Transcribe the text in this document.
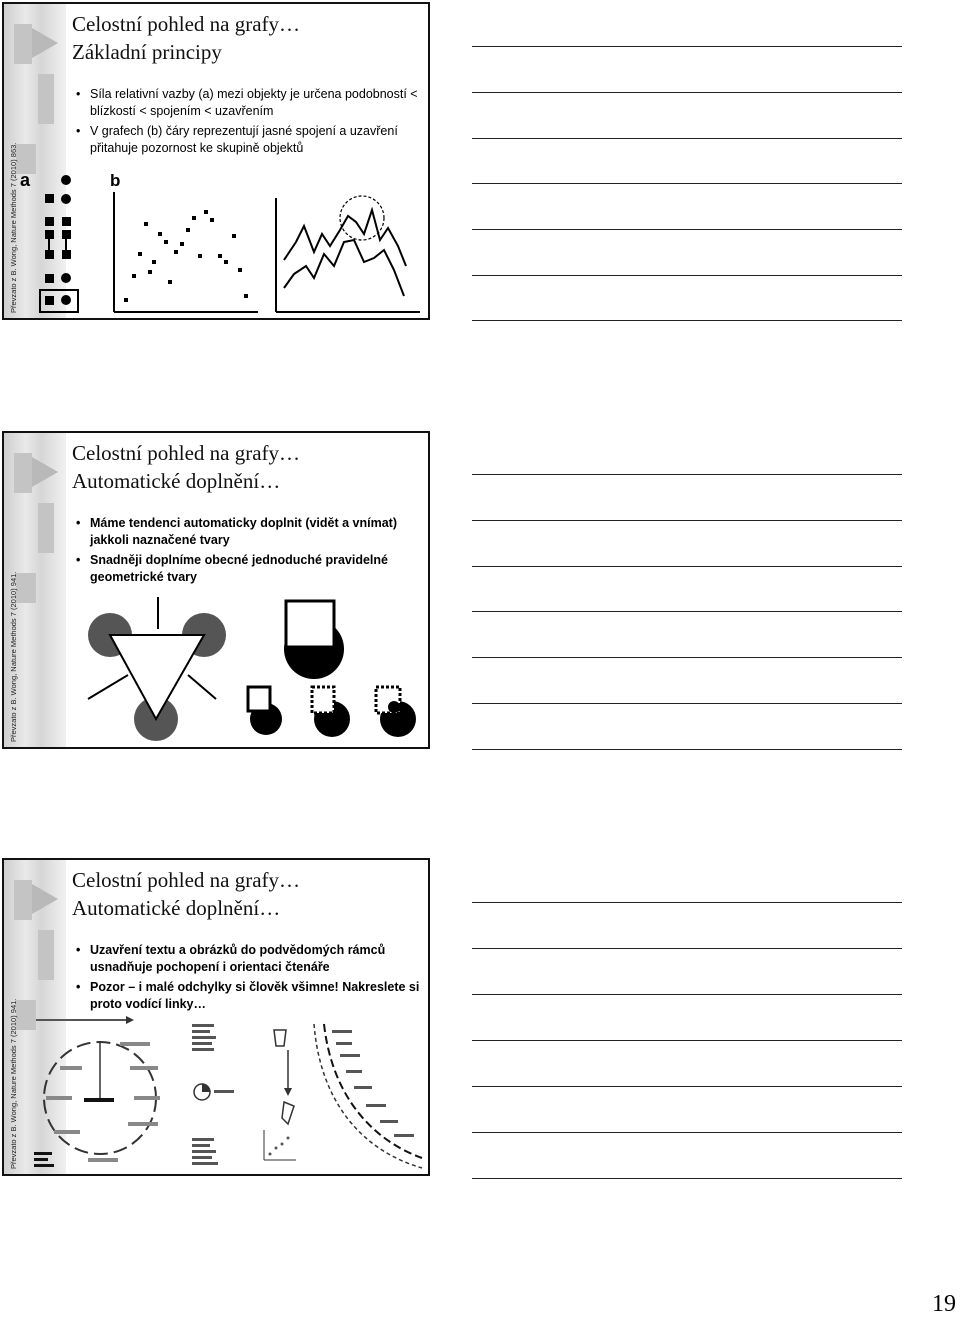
Převzato z B. Wong, Nature Methods 7 (2010) 863.
Celostní pohled na grafy…
Základní principy
• Síla relativní vazby (a) mezi objekty je určena podobností < blízkostí < spojením < uzavřením
• V grafech (b) čáry reprezentují jasné spojení a uzavření přitahuje pozornost ke skupině objektů
a	b
Převzato z B. Wong, Nature Methods 7 (2010) 941.
Celostní pohled na grafy…
Automatické doplnění…
• Máme tendenci automaticky doplnit (vidět a vnímat) jakkoli naznačené tvary
• Snadněji doplníme obecné jednoduché pravidelné geometrické tvary
Převzato z B. Wong, Nature Methods 7 (2010) 941.
Celostní pohled na grafy…
Automatické doplnění…
• Uzavření textu a obrázků do podvědomých rámců usnadňuje pochopení i orientaci čtenáře
• Pozor – i malé odchylky si člověk všimne! Nakreslete si proto vodící linky…
19
